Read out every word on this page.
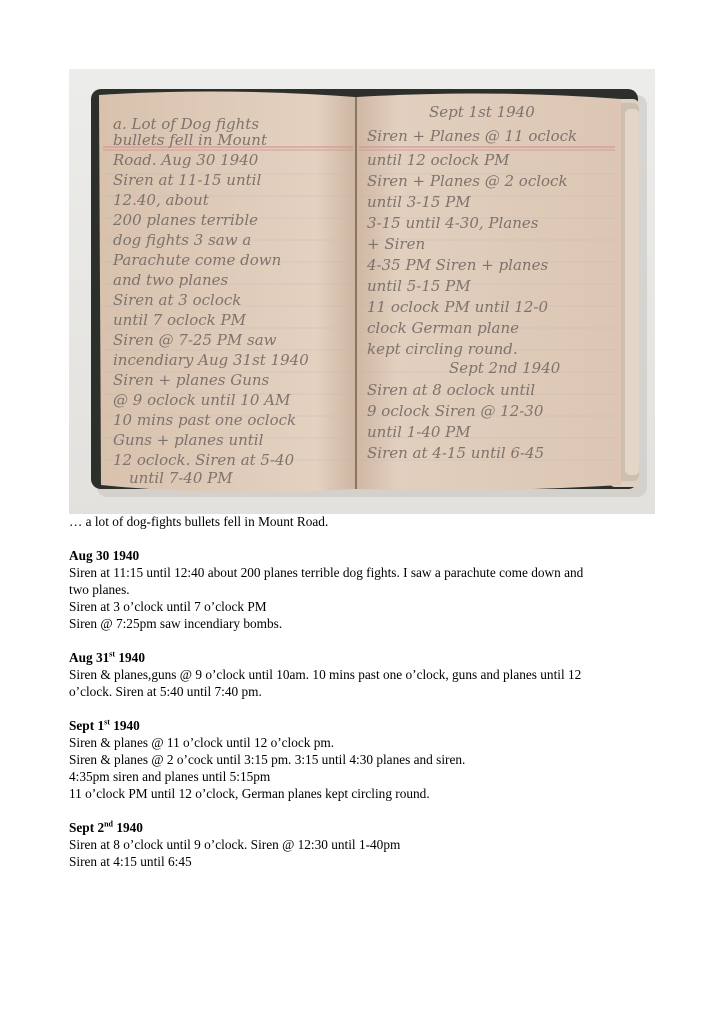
a. Lot of Dog fights
bullets fell in Mount
Road. Aug 30 1940
Siren at 11-15 until
12.40, about
200 planes terrible
dog fights 3 saw a
Parachute come down
and two planes
Siren at 3 oclock
until 7 oclock PM
Siren @ 7-25 PM saw
incendiary Aug 31st 1940
Siren + planes Guns
@ 9 oclock until 10 AM
10 mins past one oclock
Guns + planes until
12 oclock. Siren at 5-40
until 7-40 PM
Sept 1st 1940
Siren + Planes @ 11 oclock
until 12 oclock PM
Siren + Planes @ 2 oclock
until 3-15 PM
3-15 until 4-30, Planes
+ Siren
4-35 PM Siren + planes
until 5-15 PM
11 oclock PM until 12-0
clock German plane
kept circling round.
Sept 2nd 1940
Siren at 8 oclock until
9 oclock Siren @ 12-30
until 1-40 PM
Siren at 4-15 until 6-45

… a lot of dog-fights bullets fell in Mount Road.

Aug 30 1940

Siren at 11:15 until 12:40 about 200 planes terrible dog fights. I saw a parachute come down and

two planes.

Siren at 3 o’clock until 7 o’clock PM

Siren @ 7:25pm saw incendiary bombs.

Aug 31st 1940

Siren & planes,guns @ 9 o’clock until 10am. 10 mins past one o’clock, guns and planes until 12

o’clock. Siren at 5:40 until 7:40 pm.

Sept 1st 1940

Siren & planes @ 11 o’clock until 12 o’clock pm.

Siren & planes @ 2 o’cock until 3:15 pm. 3:15 until 4:30 planes and siren.

4:35pm siren and planes until 5:15pm

11 o’clock PM until 12 o’clock, German planes kept circling round.

Sept 2nd 1940

Siren at 8 o’clock until 9 o’clock. Siren @ 12:30 until 1-40pm

Siren at 4:15 until 6:45
